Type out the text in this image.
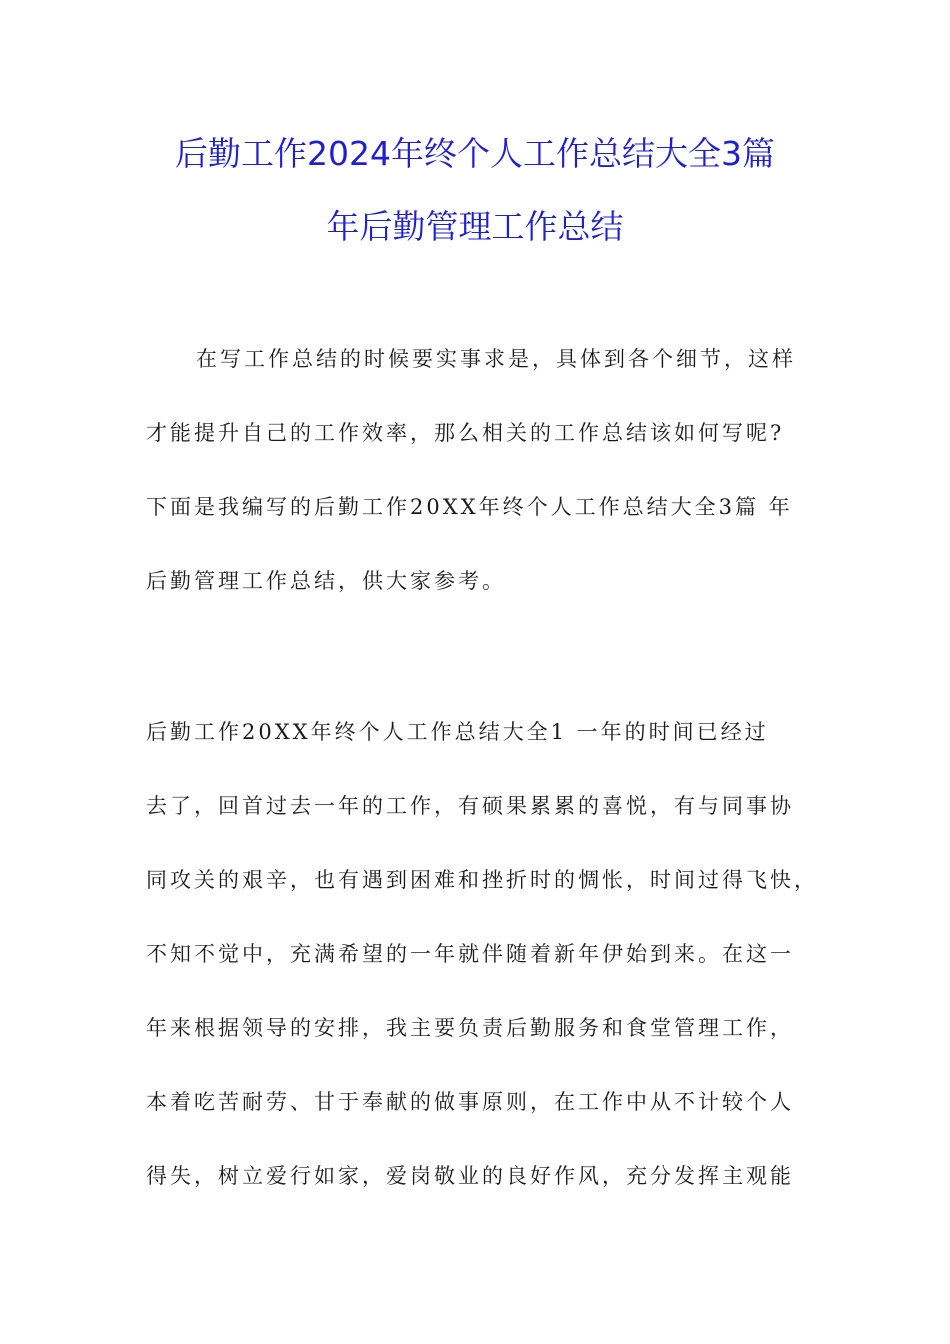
后勤工作2024年终个人工作总结大全3篇
年后勤管理工作总结
在写工作总结的时候要实事求是，具体到各个细节，这样
才能提升自己的工作效率，那么相关的工作总结该如何写呢?
下面是我编写的后勤工作20XX年终个人工作总结大全3篇 年
后勤管理工作总结，供大家参考。
后勤工作20XX年终个人工作总结大全1 一年的时间已经过
去了，回首过去一年的工作，有硕果累累的喜悦，有与同事协
同攻关的艰辛，也有遇到困难和挫折时的惆怅，时间过得飞快，
不知不觉中，充满希望的一年就伴随着新年伊始到来。在这一
年来根据领导的安排，我主要负责后勤服务和食堂管理工作，
本着吃苦耐劳、甘于奉献的做事原则，在工作中从不计较个人
得失，树立爱行如家，爱岗敬业的良好作风，充分发挥主观能
